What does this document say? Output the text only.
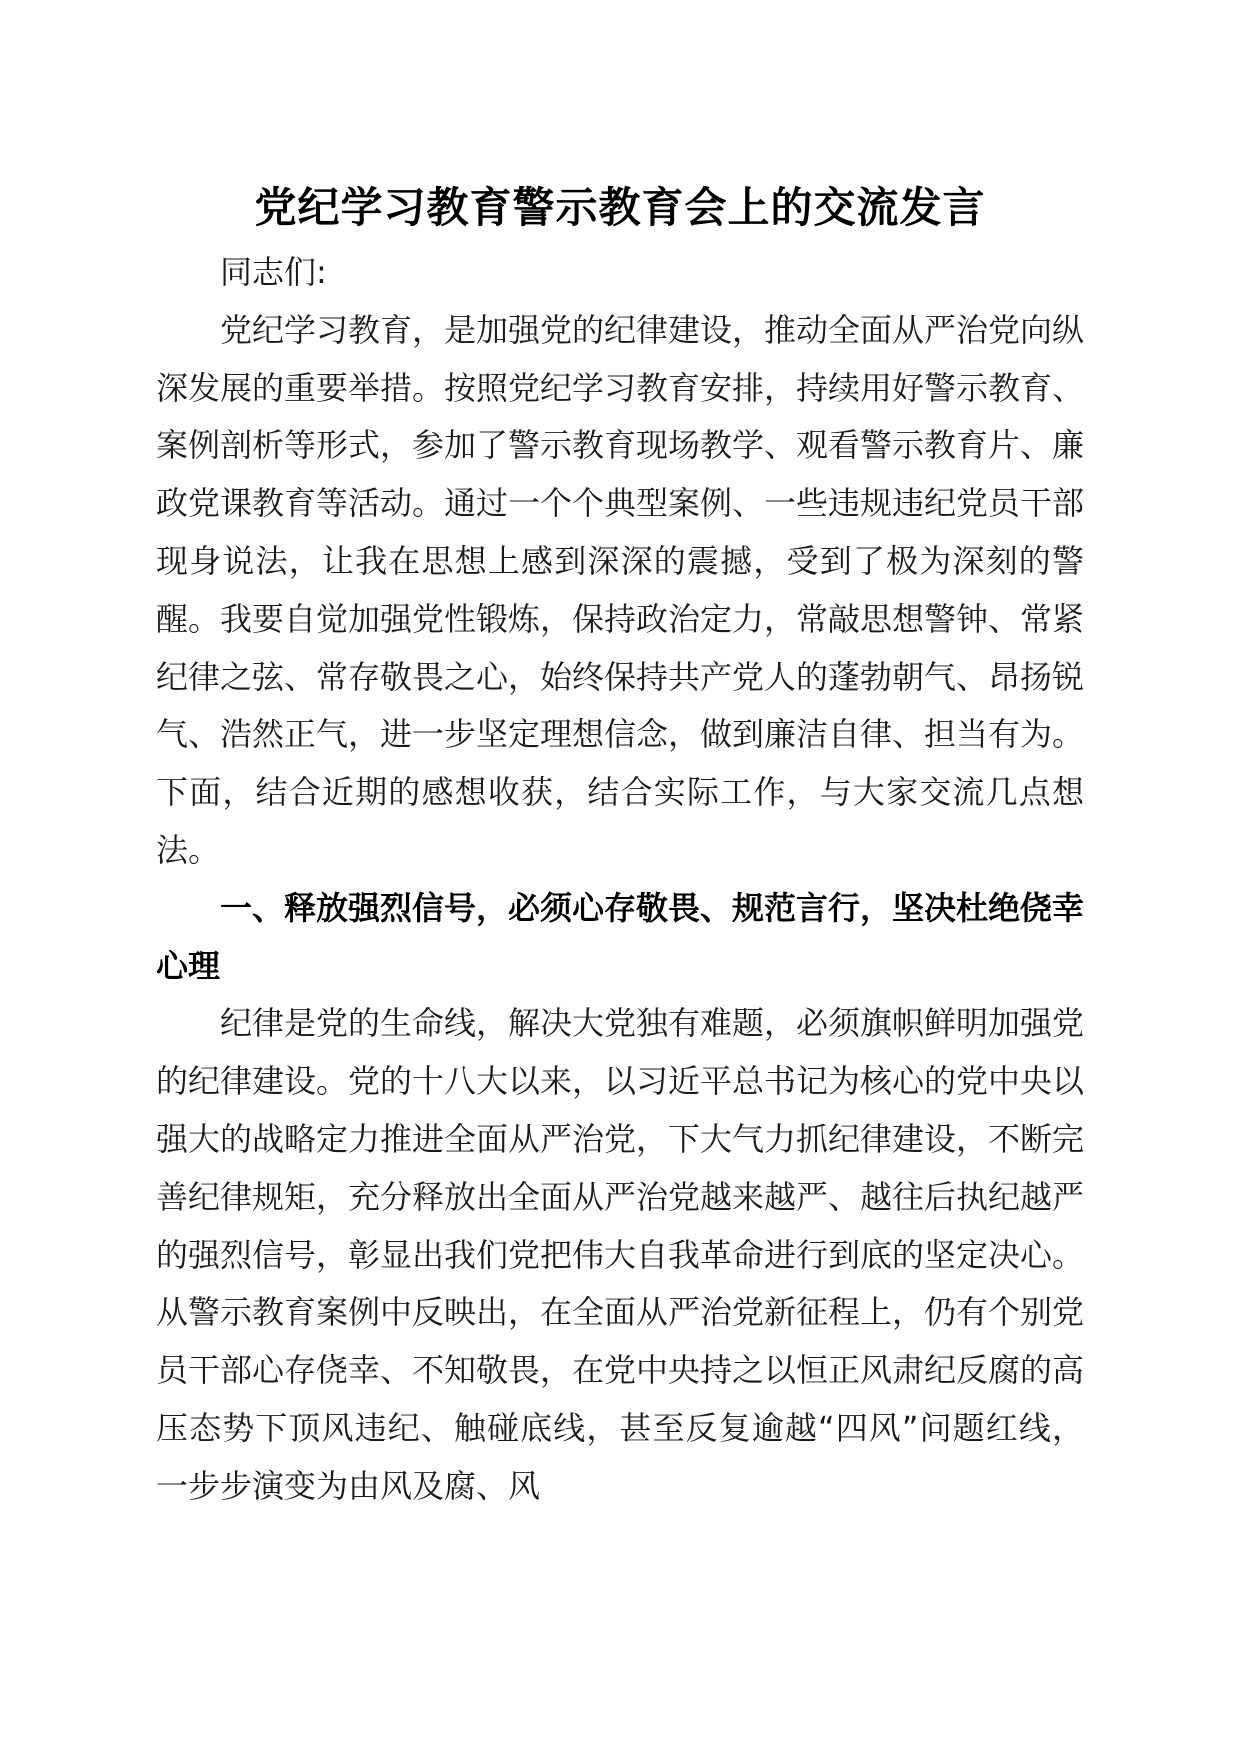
党纪学习教育警示教育会上的交流发言

同志们:

党纪学习教育，是加强党的纪律建设，推动全面从严治党向纵深发展的重要举措。按照党纪学习教育安排，持续用好警示教育、案例剖析等形式，参加了警示教育现场教学、观看警示教育片、廉政党课教育等活动。通过一个个典型案例、一些违规违纪党员干部现身说法，让我在思想上感到深深的震撼，受到了极为深刻的警醒。我要自觉加强党性锻炼，保持政治定力，常敲思想警钟、常紧纪律之弦、常存敬畏之心，始终保持共产党人的蓬勃朝气、昂扬锐气、浩然正气，进一步坚定理想信念，做到廉洁自律、担当有为。下面，结合近期的感想收获，结合实际工作，与大家交流几点想法。

一、释放强烈信号，必须心存敬畏、规范言行，坚决杜绝侥幸心理

纪律是党的生命线，解决大党独有难题，必须旗帜鲜明加强党的纪律建设。党的十八大以来，以习近平总书记为核心的党中央以强大的战略定力推进全面从严治党，下大气力抓纪律建设，不断完善纪律规矩，充分释放出全面从严治党越来越严、越往后执纪越严的强烈信号，彰显出我们党把伟大自我革命进行到底的坚定决心。从警示教育案例中反映出，在全面从严治党新征程上，仍有个别党员干部心存侥幸、不知敬畏，在党中央持之以恒正风肃纪反腐的高压态势下顶风违纪、触碰底线，甚至反复逾越“四风”问题红线，一步步演变为由风及腐、风
